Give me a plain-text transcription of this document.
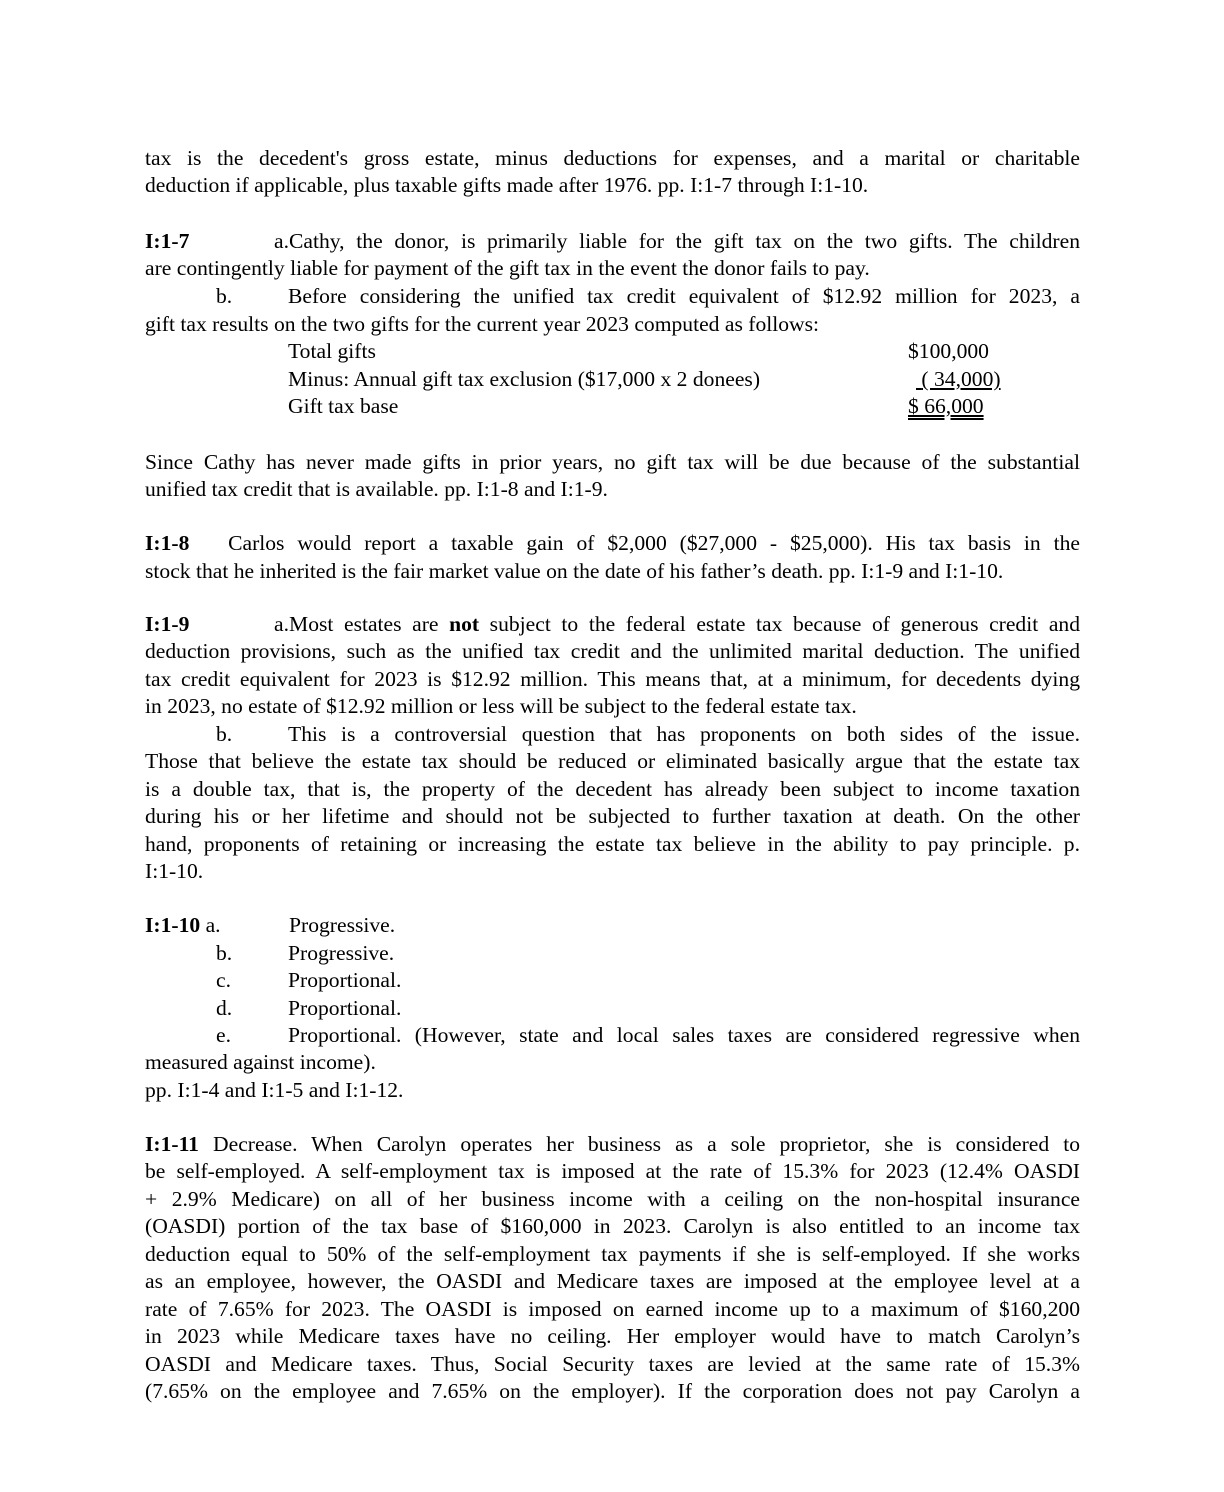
tax is the decedent's gross estate, minus deductions for expenses, and a marital or charitable
deduction if applicable, plus taxable gifts made after 1976. pp. I:1-7 through I:1-10.
I:1-7	a.Cathy, the donor, is primarily liable for the gift tax on the two gifts. The children
are contingently liable for payment of the gift tax in the event the donor fails to pay.
b.	Before considering the unified tax credit equivalent of $12.92 million for 2023, a
gift tax results on the two gifts for the current year 2023 computed as follows:
Total gifts	$100,000
Minus: Annual gift tax exclusion ($17,000 x 2 donees)	( 34,000)
Gift tax base	$ 66,000
Since Cathy has never made gifts in prior years, no gift tax will be due because of the substantial
unified tax credit that is available. pp. I:1-8 and I:1-9.
I:1-8 Carlos would report a taxable gain of $2,000 ($27,000 - $25,000). His tax basis in the
stock that he inherited is the fair market value on the date of his father’s death. pp. I:1-9 and I:1-10.
I:1-9	a.Most estates are not subject to the federal estate tax because of generous credit and
deduction provisions, such as the unified tax credit and the unlimited marital deduction. The unified
tax credit equivalent for 2023 is $12.92 million. This means that, at a minimum, for decedents dying
in 2023, no estate of $12.92 million or less will be subject to the federal estate tax.
b.	This is a controversial question that has proponents on both sides of the issue.
Those that believe the estate tax should be reduced or eliminated basically argue that the estate tax
is a double tax, that is, the property of the decedent has already been subject to income taxation
during his or her lifetime and should not be subjected to further taxation at death. On the other
hand, proponents of retaining or increasing the estate tax believe in the ability to pay principle. p.
I:1-10.
I:1-10 a.	Progressive.
b.	Progressive.
c.	Proportional.
d.	Proportional.
e.	Proportional. (However, state and local sales taxes are considered regressive when
measured against income).
pp. I:1-4 and I:1-5 and I:1-12.
I:1-11 Decrease. When Carolyn operates her business as a sole proprietor, she is considered to
be self-employed. A self-employment tax is imposed at the rate of 15.3% for 2023 (12.4% OASDI
+ 2.9% Medicare) on all of her business income with a ceiling on the non-hospital insurance
(OASDI) portion of the tax base of $160,000 in 2023. Carolyn is also entitled to an income tax
deduction equal to 50% of the self-employment tax payments if she is self-employed. If she works
as an employee, however, the OASDI and Medicare taxes are imposed at the employee level at a
rate of 7.65% for 2023. The OASDI is imposed on earned income up to a maximum of $160,200
in 2023 while Medicare taxes have no ceiling. Her employer would have to match Carolyn’s
OASDI and Medicare taxes. Thus, Social Security taxes are levied at the same rate of 15.3%
(7.65% on the employee and 7.65% on the employer). If the corporation does not pay Carolyn a
